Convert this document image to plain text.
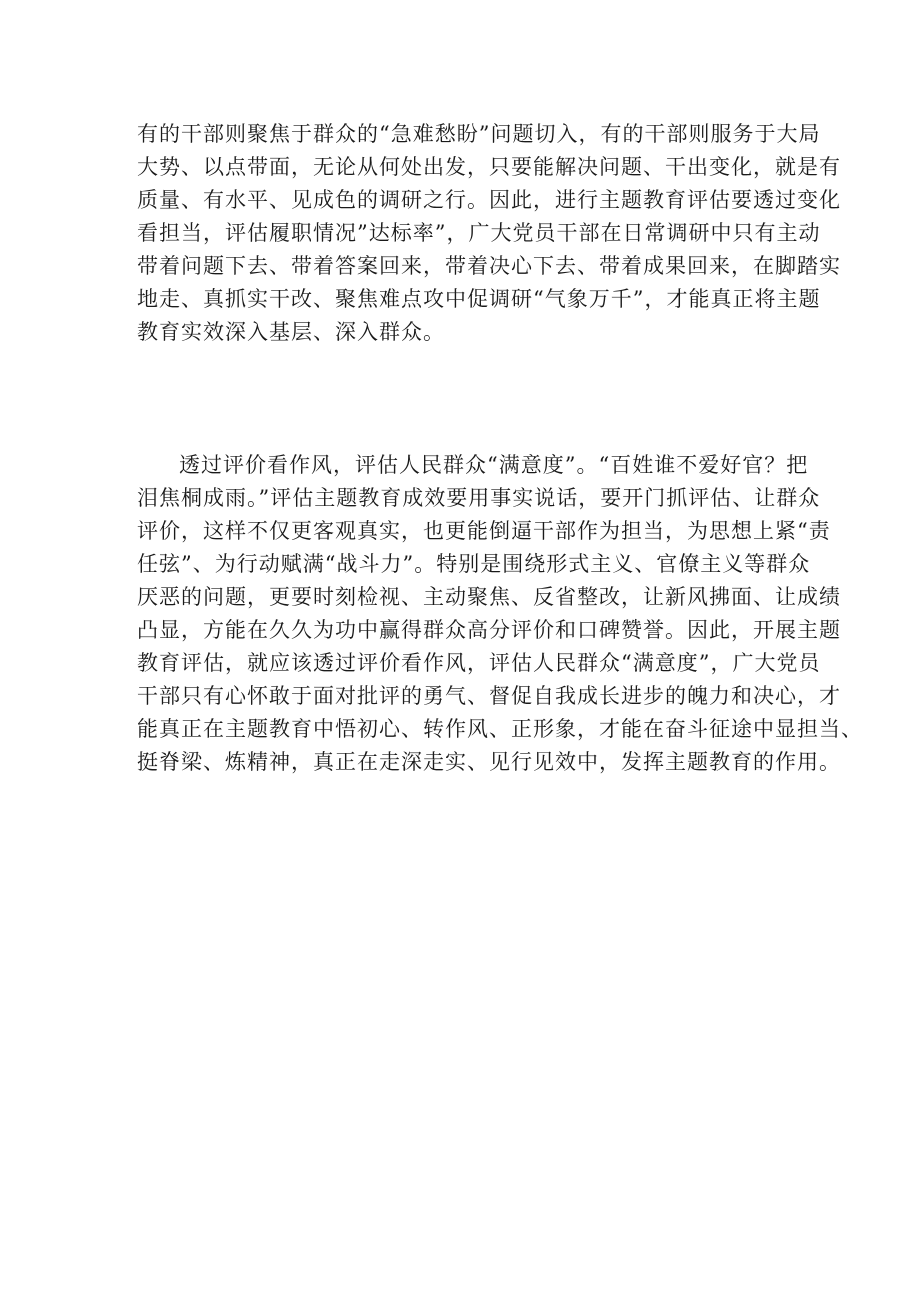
有的干部则聚焦于群众的“急难愁盼”问题切入，有的干部则服务于大局
大势、以点带面，无论从何处出发，只要能解决问题、干出变化，就是有
质量、有水平、见成色的调研之行。因此，进行主题教育评估要透过变化
看担当，评估履职情况”达标率”，广大党员干部在日常调研中只有主动
带着问题下去、带着答案回来，带着决心下去、带着成果回来，在脚踏实
地走、真抓实干改、聚焦难点攻中促调研“气象万千”，才能真正将主题
教育实效深入基层、深入群众。
透过评价看作风，评估人民群众“满意度”。“百姓谁不爱好官？把
泪焦桐成雨。”评估主题教育成效要用事实说话，要开门抓评估、让群众
评价，这样不仅更客观真实，也更能倒逼干部作为担当，为思想上紧“责
任弦”、为行动赋满“战斗力”。特别是围绕形式主义、官僚主义等群众
厌恶的问题，更要时刻检视、主动聚焦、反省整改，让新风拂面、让成绩
凸显，方能在久久为功中赢得群众高分评价和口碑赞誉。因此，开展主题
教育评估，就应该透过评价看作风，评估人民群众“满意度”，广大党员
干部只有心怀敢于面对批评的勇气、督促自我成长进步的魄力和决心，才
能真正在主题教育中悟初心、转作风、正形象，才能在奋斗征途中显担当、
挺脊梁、炼精神，真正在走深走实、见行见效中，发挥主题教育的作用。
